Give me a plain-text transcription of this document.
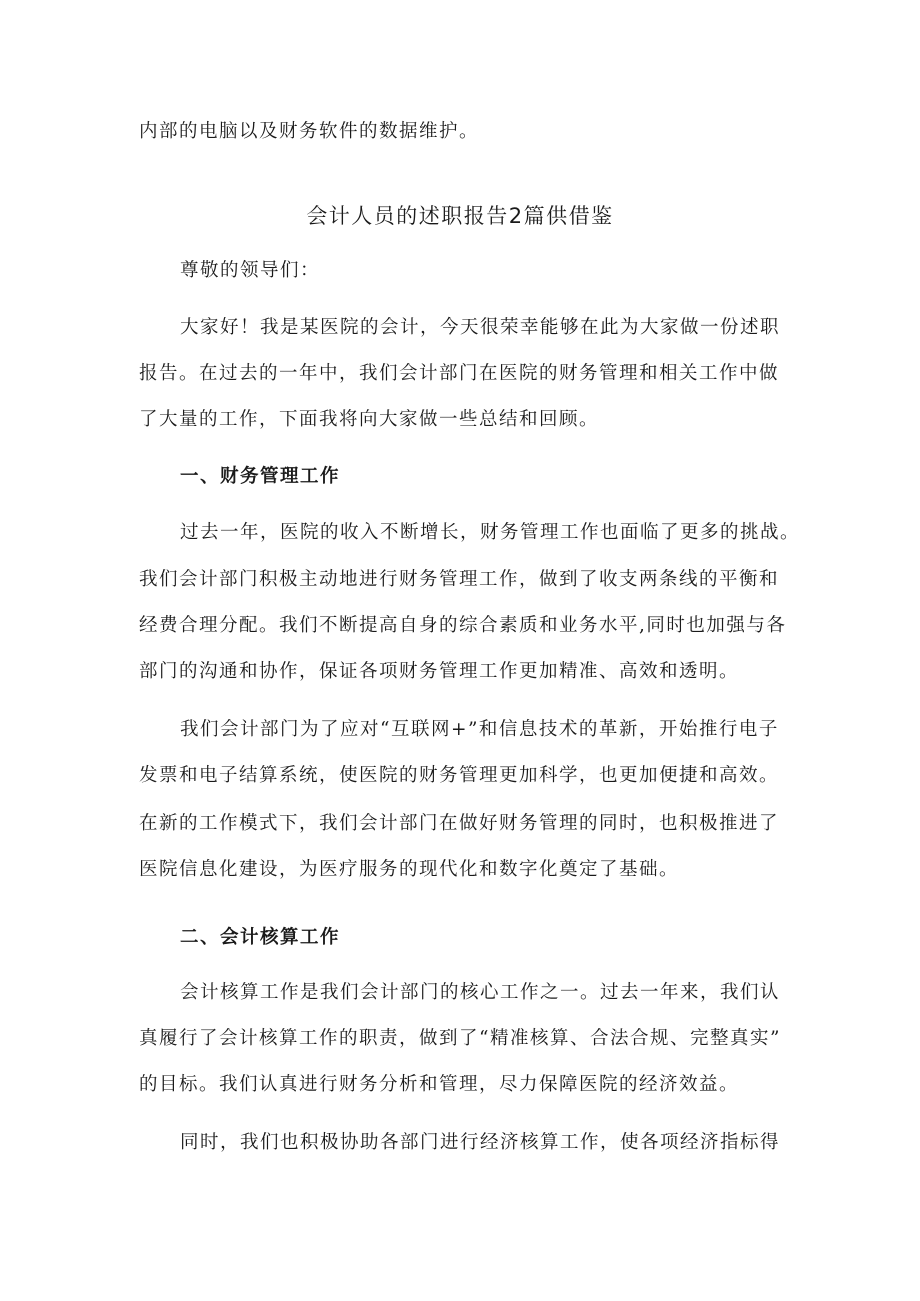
内部的电脑以及财务软件的数据维护。
会计人员的述职报告2篇供借鉴
尊敬的领导们：
大家好！我是某医院的会计，今天很荣幸能够在此为大家做一份述职
报告。在过去的一年中，我们会计部门在医院的财务管理和相关工作中做
了大量的工作，下面我将向大家做一些总结和回顾。
一、财务管理工作
过去一年，医院的收入不断增长，财务管理工作也面临了更多的挑战。
我们会计部门积极主动地进行财务管理工作，做到了收支两条线的平衡和
经费合理分配。我们不断提高自身的综合素质和业务水平,同时也加强与各
部门的沟通和协作，保证各项财务管理工作更加精准、高效和透明。
我们会计部门为了应对“互联网+”和信息技术的革新，开始推行电子
发票和电子结算系统，使医院的财务管理更加科学，也更加便捷和高效。
在新的工作模式下，我们会计部门在做好财务管理的同时，也积极推进了
医院信息化建设，为医疗服务的现代化和数字化奠定了基础。
二、会计核算工作
会计核算工作是我们会计部门的核心工作之一。过去一年来，我们认
真履行了会计核算工作的职责，做到了“精准核算、合法合规、完整真实”
的目标。我们认真进行财务分析和管理，尽力保障医院的经济效益。
同时，我们也积极协助各部门进行经济核算工作，使各项经济指标得
